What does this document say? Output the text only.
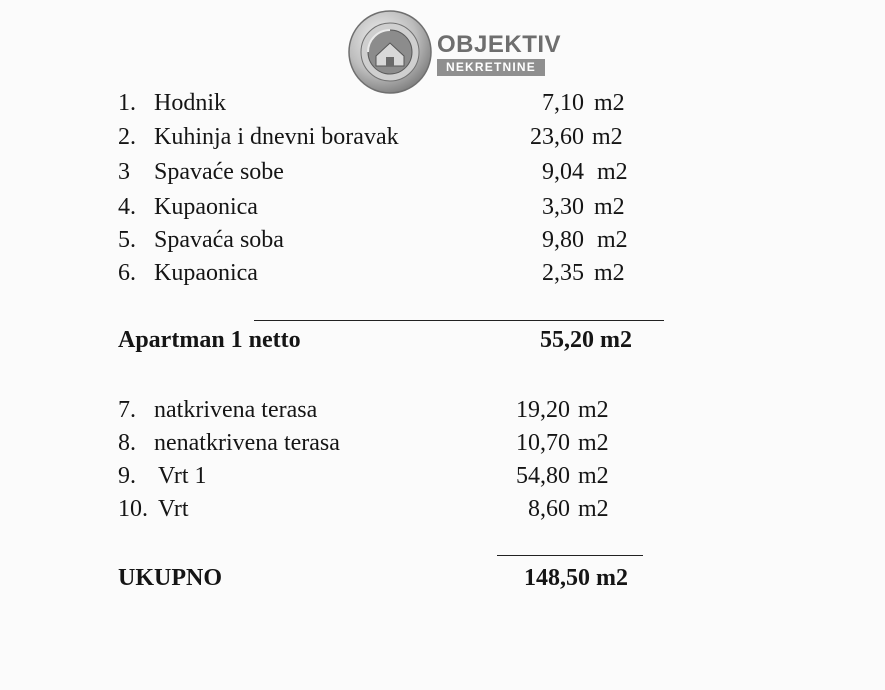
OBJEKTIV
NEKRETNINE
1. Hodnik	7,10 m2
2. Kuhinja i dnevni boravak	23,60 m2
3 Spavaće sobe	9,04 m2
4. Kupaonica	3,30 m2
5. Spavaća soba	9,80 m2
6. Kupaonica	2,35 m2
Apartman 1 netto	55,20 m2
7. natkrivena terasa	19,20 m2
8. nenatkrivena terasa	10,70 m2
9. Vrt 1	54,80 m2
10. Vrt	8,60 m2
UKUPNO	148,50 m2
